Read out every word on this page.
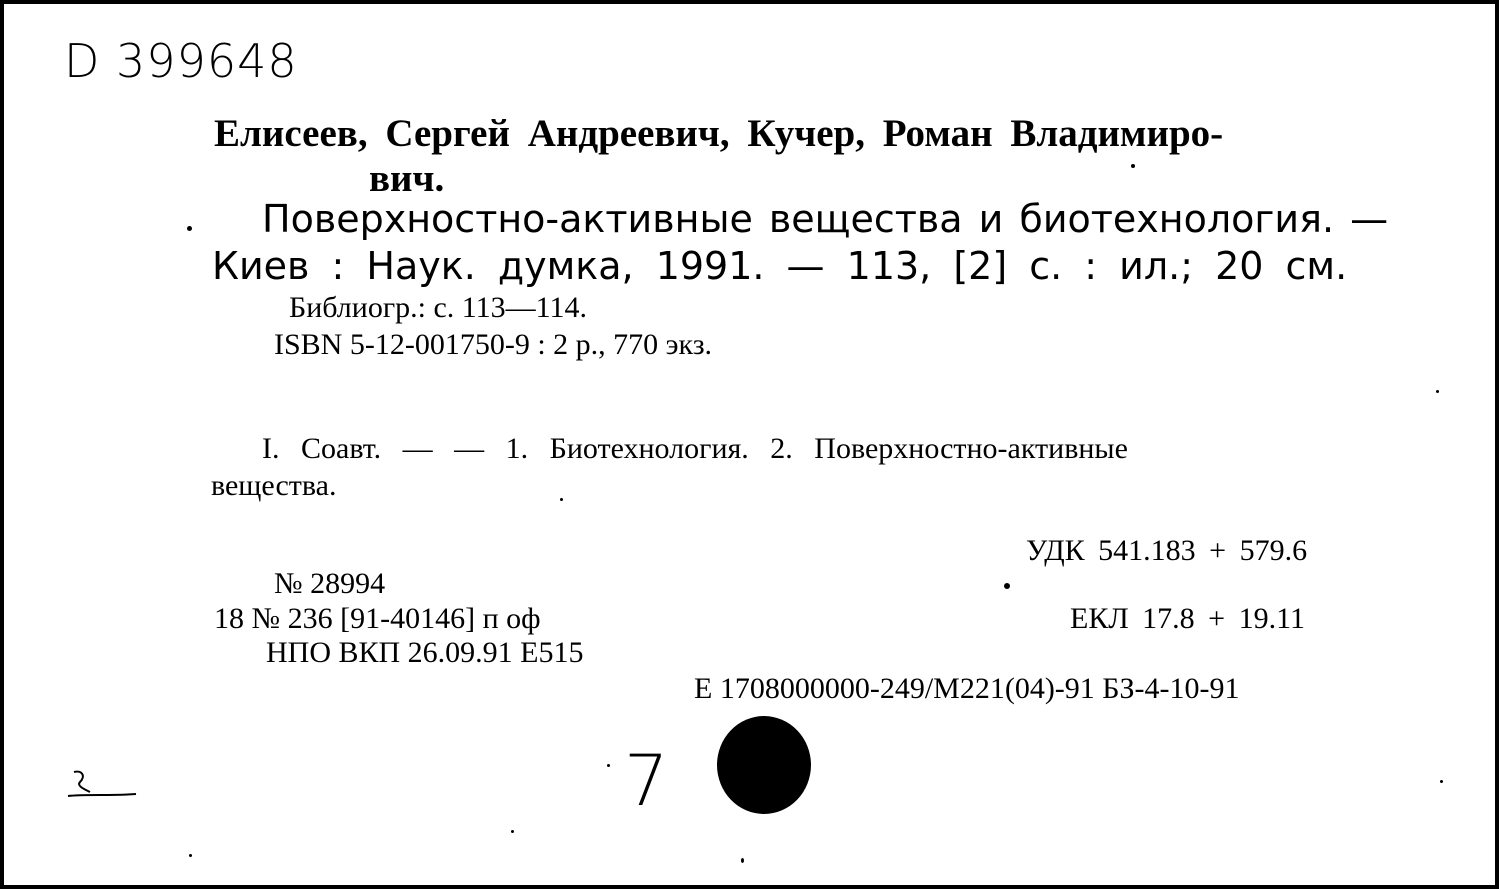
D 399648
Елисеев, Сергей Андреевич, Кучер, Роман Владимиро-
вич.
Поверхностно-активные вещества и биотехнология. —
Киев : Наук. думка, 1991. — 113, [2] с. : ил.; 20 см.
Библиогр.: с. 113—114.
ISBN 5-12-001750-9 : 2 р., 770 экз.
I. Соавт. — — 1. Биотехнология. 2. Поверхностно-активные
вещества.
УДК 541.183 + 579.6
ЕКЛ 17.8 + 19.11
№ 28994
18 № 236 [91-40146] п оф
НПО ВКП 26.09.91 Е515
Е 1708000000-249/М221(04)-91 БЗ-4-10-91
7
